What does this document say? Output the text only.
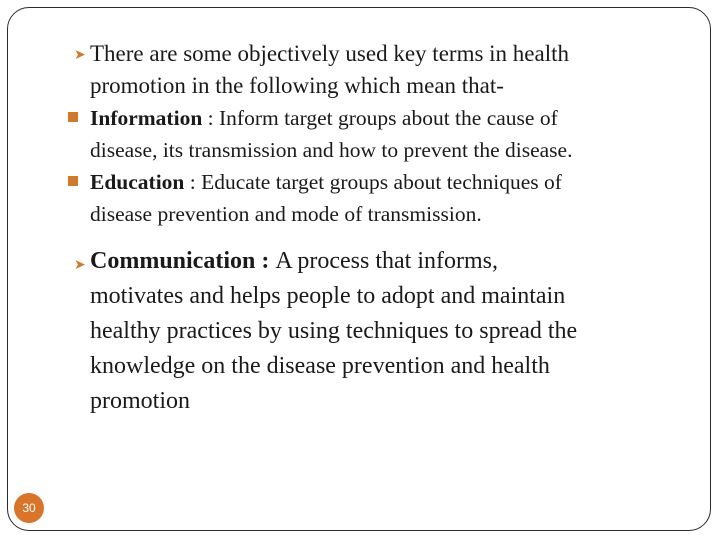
➤ There are some objectively used key terms in health
promotion in the following which mean that-
Information : Inform target groups about the cause of
disease, its transmission and how to prevent the disease.
Education : Educate target groups about techniques of
disease prevention and mode of transmission.
➤ Communication : A process that informs,
motivates and helps people to adopt and maintain
healthy practices by using techniques to spread the
knowledge on the disease prevention and health
promotion
30
